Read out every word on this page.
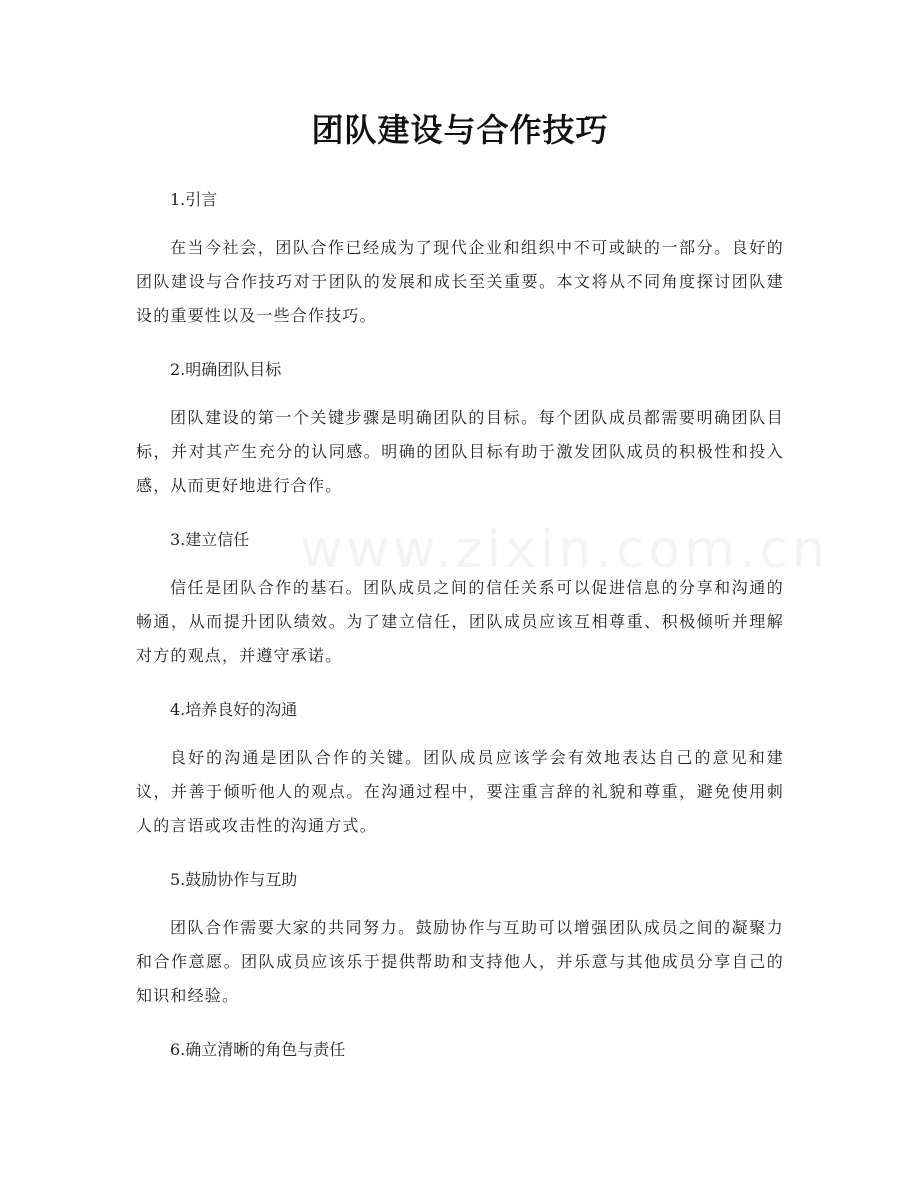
www.zixin.com.cn
团队建设与合作技巧
1.引言

在当今社会，团队合作已经成为了现代企业和组织中不可或缺的一部分。良好的团队建设与合作技巧对于团队的发展和成长至关重要。本文将从不同角度探讨团队建设的重要性以及一些合作技巧。

2.明确团队目标

团队建设的第一个关键步骤是明确团队的目标。每个团队成员都需要明确团队目标，并对其产生充分的认同感。明确的团队目标有助于激发团队成员的积极性和投入感，从而更好地进行合作。

3.建立信任

信任是团队合作的基石。团队成员之间的信任关系可以促进信息的分享和沟通的畅通，从而提升团队绩效。为了建立信任，团队成员应该互相尊重、积极倾听并理解对方的观点，并遵守承诺。

4.培养良好的沟通

良好的沟通是团队合作的关键。团队成员应该学会有效地表达自己的意见和建议，并善于倾听他人的观点。在沟通过程中，要注重言辞的礼貌和尊重，避免使用刺人的言语或攻击性的沟通方式。

5.鼓励协作与互助

团队合作需要大家的共同努力。鼓励协作与互助可以增强团队成员之间的凝聚力和合作意愿。团队成员应该乐于提供帮助和支持他人，并乐意与其他成员分享自己的知识和经验。

6.确立清晰的角色与责任
